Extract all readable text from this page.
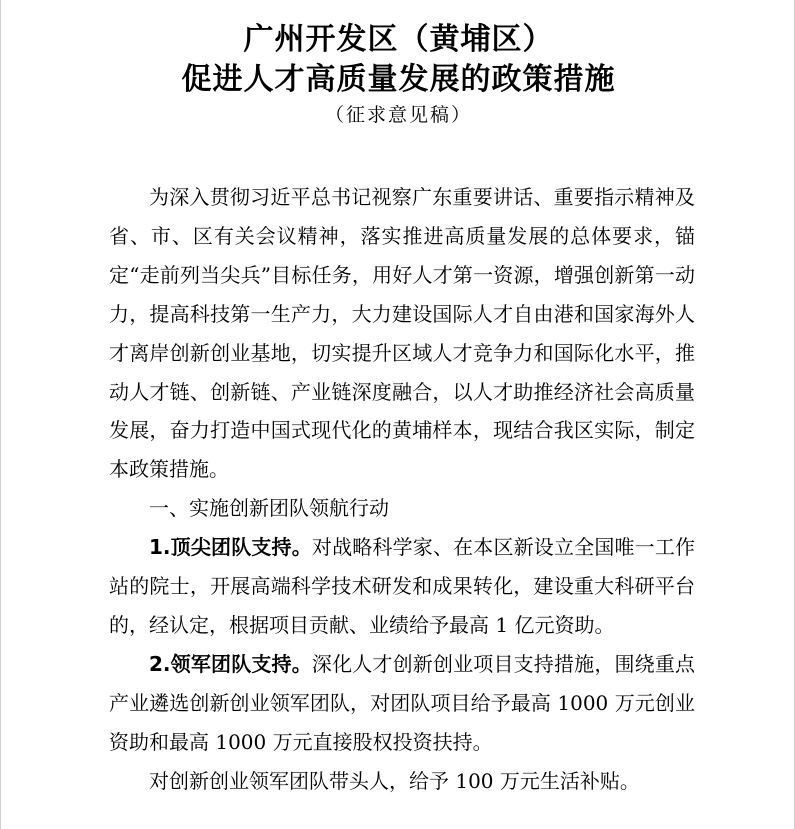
广州开发区（黄埔区）
促进人才高质量发展的政策措施
（征求意见稿）

为深入贯彻习近平总书记视察广东重要讲话、重要指示精神及省、市、区有关会议精神，落实推进高质量发展的总体要求，锚定“走前列当尖兵”目标任务，用好人才第一资源，增强创新第一动力，提高科技第一生产力，大力建设国际人才自由港和国家海外人才离岸创新创业基地，切实提升区域人才竞争力和国际化水平，推动人才链、创新链、产业链深度融合，以人才助推经济社会高质量发展，奋力打造中国式现代化的黄埔样本，现结合我区实际，制定本政策措施。

一、实施创新团队领航行动

1.顶尖团队支持。对战略科学家、在本区新设立全国唯一工作站的院士，开展高端科学技术研发和成果转化，建设重大科研平台的，经认定，根据项目贡献、业绩给予最高 1 亿元资助。

2.领军团队支持。深化人才创新创业项目支持措施，围绕重点产业遴选创新创业领军团队，对团队项目给予最高 1000 万元创业资助和最高 1000 万元直接股权投资扶持。

对创新创业领军团队带头人，给予 100 万元生活补贴。
